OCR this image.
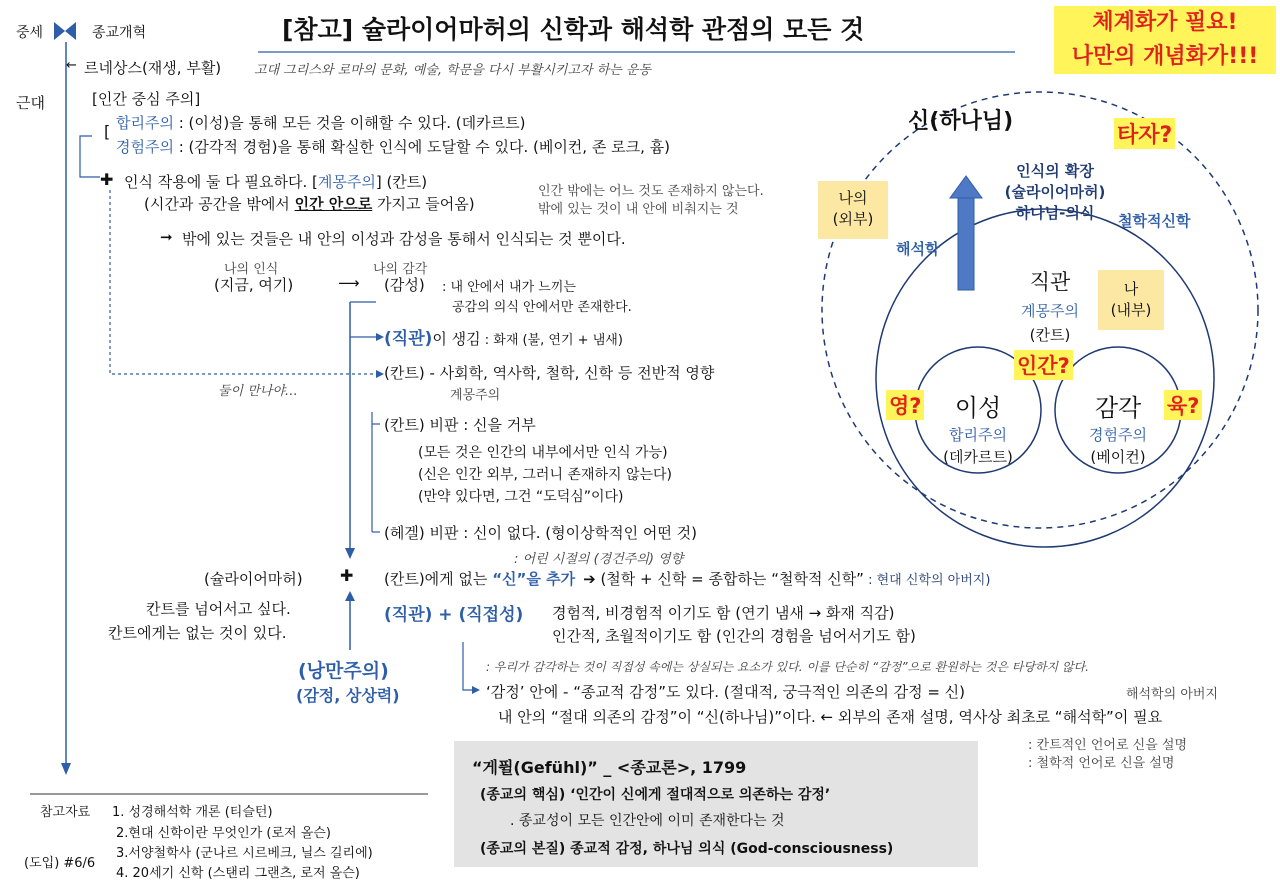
중세	종교개혁
← 르네상스(재생, 부활)	고대 그리스와 로마의 문화, 예술, 학문을 다시 부활시키고자 하는 운동
근대
[참고] 슐라이어마허의 신학과 해석학 관점의 모든 것	체계화가 필요!
나만의 개념화가!!!
[인간 중심 주의]
[ 합리주의 : (이성)을 통해 모든 것을 이해할 수 있다. (데카르트)
경험주의 : (감각적 경험)을 통해 확실한 인식에 도달할 수 있다. (베이컨, 존 로크, 흄)
✚ 인식 작용에 둘 다 필요하다. [계몽주의] (칸트)
(시간과 공간을 밖에서 인간 안으로 가지고 들어옴)
인간 밖에는 어느 것도 존재하지 않는다.
밖에 있는 것이 내 안에 비춰지는 것
➞ 밖에 있는 것들은 내 안의 이성과 감성을 통해서 인식되는 것 뿐이다.
나의 인식
(지금, 여기)	⟶
나의 감각
(감성) : 내 안에서 내가 느끼는
공감의 의식 안에서만 존재한다.
(직관)이 생김 : 화재 (불, 연기 + 냄새)
(칸트) - 사회학, 역사학, 철학, 신학 등 전반적 영향
계몽주의
둘이 만나야…
(칸트) 비판 : 신을 거부
(모든 것은 인간의 내부에서만 인식 가능)
(신은 인간 외부, 그러니 존재하지 않는다)
(만약 있다면, 그건 “도덕심”이다)
(헤겔) 비판 : 신이 없다. (형이상학적인 어떤 것)
: 어린 시절의 (경건주의) 영향
(슐라이어마허) ✚ (칸트)에게 없는 “신”을 추가 ➔ (철학 + 신학 = 종합하는 “철학적 신학” : 현대 신학의 아버지)
칸트를 넘어서고 싶다.
칸트에게는 없는 것이 있다.
(직관) + (직접성) 경험적, 비경험적 이기도 함 (연기 냄새 → 화재 직감)
인간적, 초월적이기도 함 (인간의 경험을 넘어서기도 함)
(낭만주의)
(감정, 상상력)
: 우리가 감각하는 것이 직접성 속에는 상실되는 요소가 있다. 이를 단순히 “감정”으로 환원하는 것은 타당하지 않다.
‘감정’ 안에 - “종교적 감정”도 있다. (절대적, 궁극적인 의존의 감정 = 신)
내 안의 “절대 의존의 감정”이 “신(하나님)”이다. ← 외부의 존재 설명, 역사상 최초로 “해석학”이 필요
해석학의 아버지
: 칸트적인 언어로 신을 설명
: 철학적 언어로 신을 설명
“게퓔(Gefühl)” _ <종교론>, 1799
(종교의 핵심) ‘인간이 신에게 절대적으로 의존하는 감정’
. 종교성이 모든 인간안에 이미 존재한다는 것
(종교의 본질) 종교적 감정, 하나님 의식 (God-consciousness)
참고자료 1. 성경해석학 개론 (티슬턴)
2.현대 신학이란 무엇인가 (로저 올슨)
3.서양철학사 (군나르 시르베크, 닐스 길리에)
4. 20세기 신학 (스탠리 그랜츠, 로저 올슨)
(도입) #6/6
신(하나님)
타자?
나의
(외부)
해석학
인식의 확장
(슐라이어마허)
하나님-의식	철학적신학
직관
계몽주의
(칸트)
나
(내부)
인간?
영?	육?
이성
합리주의
(데카르트)
감각
경험주의
(베이컨)
